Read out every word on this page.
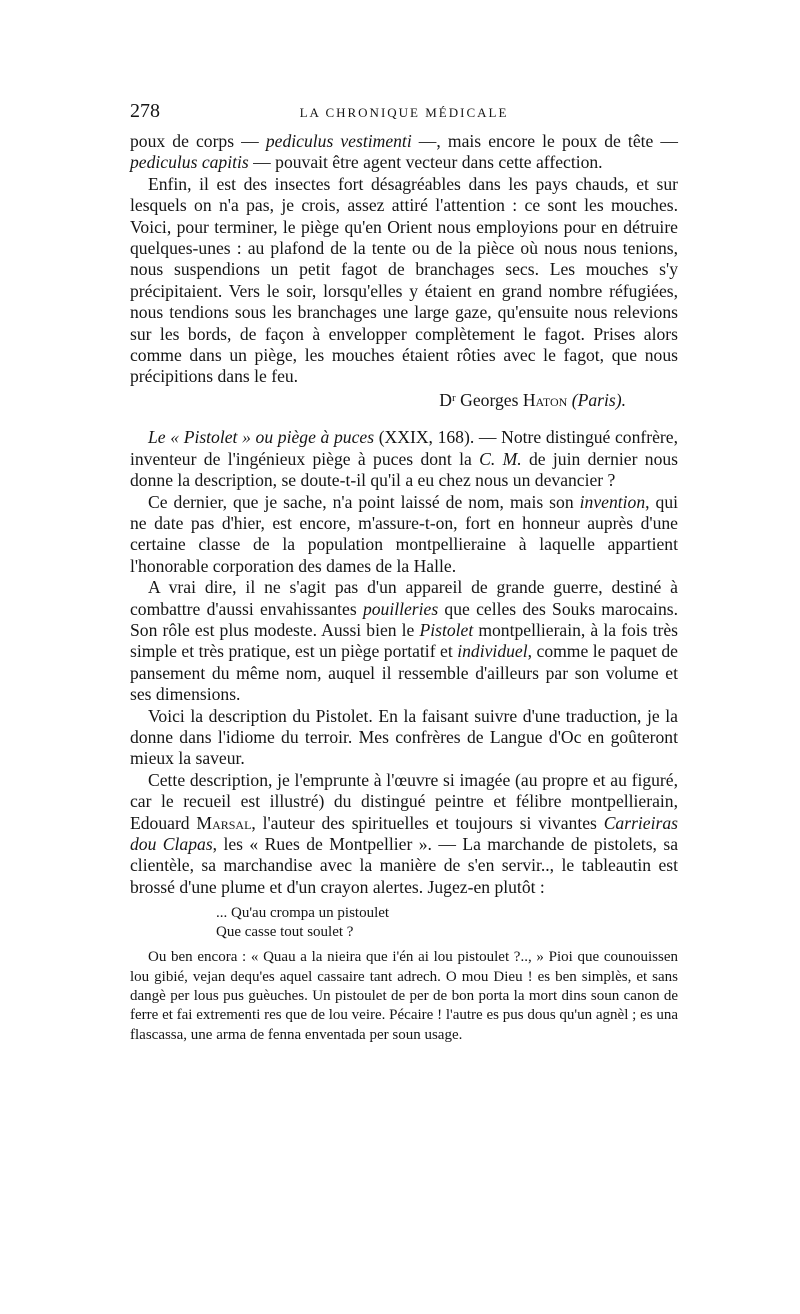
278	LA CHRONIQUE MÉDICALE

poux de corps — pediculus vestimenti —, mais encore le poux de tête — pediculus capitis — pouvait être agent vecteur dans cette affection.

Enfin, il est des insectes fort désagréables dans les pays chauds, et sur lesquels on n'a pas, je crois, assez attiré l'attention : ce sont les mouches. Voici, pour terminer, le piège qu'en Orient nous employions pour en détruire quelques-unes : au plafond de la tente ou de la pièce où nous nous tenions, nous suspendions un petit fagot de branchages secs. Les mouches s'y précipitaient. Vers le soir, lorsqu'elles y étaient en grand nombre réfugiées, nous tendions sous les branchages une large gaze, qu'ensuite nous relevions sur les bords, de façon à envelopper complètement le fagot. Prises alors comme dans un piège, les mouches étaient rôties avec le fagot, que nous précipitions dans le feu.

Dʳ Georges Haton (Paris).

Le « Pistolet » ou piège à puces (XXIX, 168). — Notre distingué confrère, inventeur de l'ingénieux piège à puces dont la C. M. de juin dernier nous donne la description, se doute-t-il qu'il a eu chez nous un devancier ?

Ce dernier, que je sache, n'a point laissé de nom, mais son invention, qui ne date pas d'hier, est encore, m'assure-t-on, fort en honneur auprès d'une certaine classe de la population montpellieraine à laquelle appartient l'honorable corporation des dames de la Halle.

A vrai dire, il ne s'agit pas d'un appareil de grande guerre, destiné à combattre d'aussi envahissantes pouilleries que celles des Souks marocains. Son rôle est plus modeste. Aussi bien le Pistolet montpellierain, à la fois très simple et très pratique, est un piège portatif et individuel, comme le paquet de pansement du même nom, auquel il ressemble d'ailleurs par son volume et ses dimensions.

Voici la description du Pistolet. En la faisant suivre d'une traduction, je la donne dans l'idiome du terroir. Mes confrères de Langue d'Oc en goûteront mieux la saveur.

Cette description, je l'emprunte à l'œuvre si imagée (au propre et au figuré, car le recueil est illustré) du distingué peintre et félibre montpellierain, Edouard Marsal, l'auteur des spirituelles et toujours si vivantes Carrieiras dou Clapas, les « Rues de Montpellier ». — La marchande de pistolets, sa clientèle, sa marchandise avec la manière de s'en servir.., le tableautin est brossé d'une plume et d'un crayon alertes. Jugez-en plutôt :

... Qu'au crompa un pistoulet
Que casse tout soulet ?

Ou ben encora : « Quau a la nieira que i'én ai lou pistoulet ?.., » Pioi que counouissen lou gibié, vejan dequ'es aquel cassaire tant adrech. O mou Dieu ! es ben simplès, et sans dangè per lous pus guèuches. Un pistoulet de per de bon porta la mort dins soun canon de ferre et fai extrementi res que de lou veire. Pécaire ! l'autre es pus dous qu'un agnèl ; es una flascassa, une arma de fenna enventada per soun usage.
